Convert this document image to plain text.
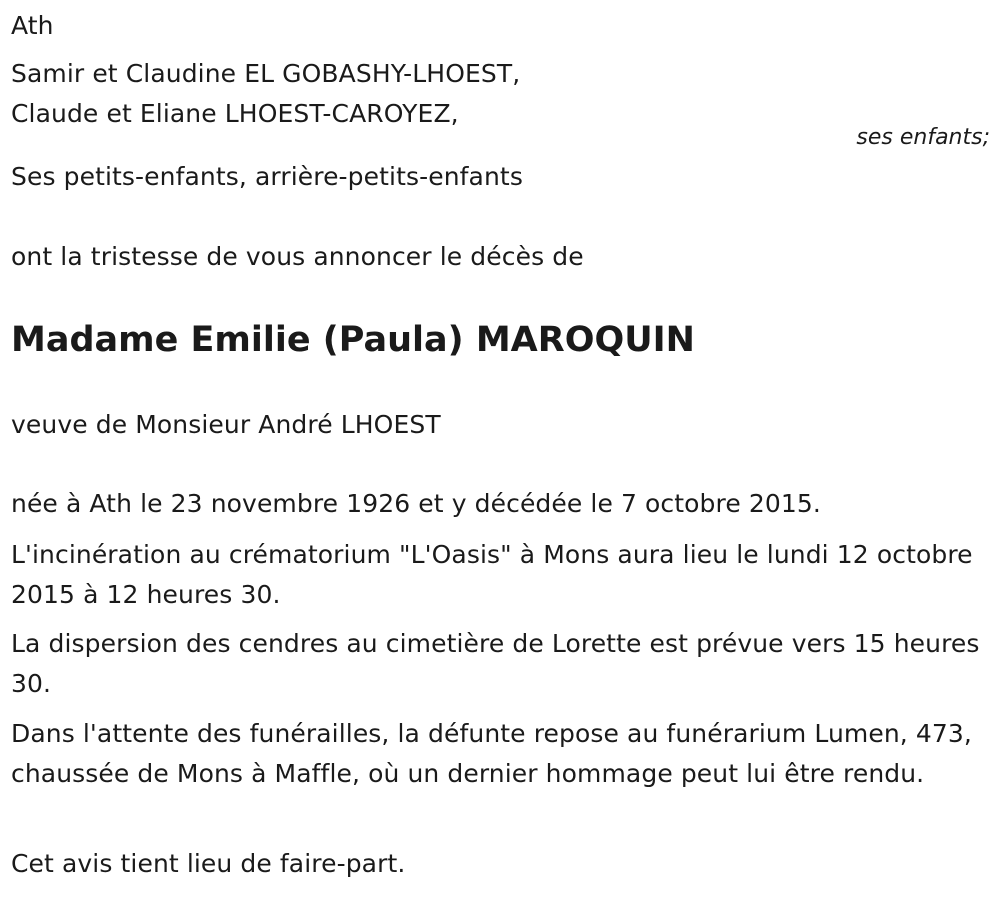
Ath
Samir et Claudine EL GOBASHY-LHOEST,
Claude et Eliane LHOEST-CAROYEZ,
ses enfants;
Ses petits-enfants, arrière-petits-enfants
ont la tristesse de vous annoncer le décès de
Madame Emilie (Paula) MAROQUIN
veuve de Monsieur André LHOEST
née à Ath le 23 novembre 1926 et y décédée le 7 octobre 2015.
L'incinération au crématorium "L'Oasis" à Mons aura lieu le lundi 12 octobre 2015 à 12 heures 30.
La dispersion des cendres au cimetière de Lorette est prévue vers 15 heures 30.
Dans l'attente des funérailles, la défunte repose au funérarium Lumen, 473, chaussée de Mons à Maffle, où un dernier hommage peut lui être rendu.
Cet avis tient lieu de faire-part.
